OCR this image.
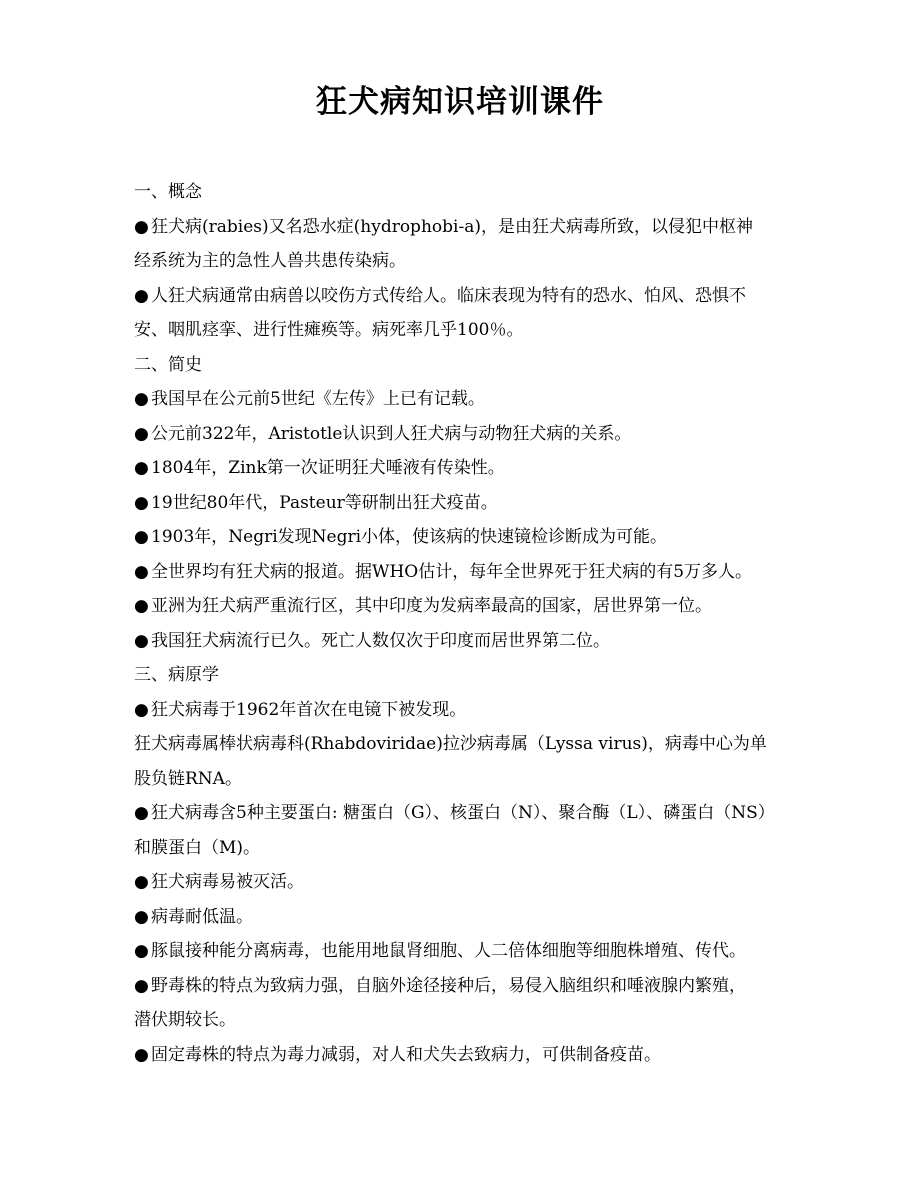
狂犬病知识培训课件

一、概念

● 狂犬病(rabies)又名恐水症(hydrophobi-a)，是由狂犬病毒所致，以侵犯中枢神

经系统为主的急性人兽共患传染病。

● 人狂犬病通常由病兽以咬伤方式传给人。临床表现为特有的恐水、怕风、恐惧不

安、咽肌痉挛、进行性瘫痪等。病死率几乎100％。

二、简史

● 我国早在公元前5世纪《左传》上已有记载。

● 公元前322年，Aristotle认识到人狂犬病与动物狂犬病的关系。

● 1804年，Zink第一次证明狂犬唾液有传染性。

● 19世纪80年代，Pasteur等研制出狂犬疫苗。

● 1903年，Negri发现Negri小体，使该病的快速镜检诊断成为可能。

● 全世界均有狂犬病的报道。据WHO估计，每年全世界死于狂犬病的有5万多人。

● 亚洲为狂犬病严重流行区，其中印度为发病率最高的国家，居世界第一位。

● 我国狂犬病流行已久。死亡人数仅次于印度而居世界第二位。

三、病原学

● 狂犬病毒于1962年首次在电镜下被发现。

狂犬病毒属棒状病毒科(Rhabdoviridae)拉沙病毒属（Lyssa virus)，病毒中心为单

股负链RNA。

● 狂犬病毒含5种主要蛋白: 糖蛋白（G）、核蛋白（N）、聚合酶（L）、磷蛋白（NS）

和膜蛋白（M)。

● 狂犬病毒易被灭活。

● 病毒耐低温。

● 豚鼠接种能分离病毒，也能用地鼠肾细胞、人二倍体细胞等细胞株增殖、传代。

● 野毒株的特点为致病力强，自脑外途径接种后，易侵入脑组织和唾液腺内繁殖，

潜伏期较长。

● 固定毒株的特点为毒力减弱，对人和犬失去致病力，可供制备疫苗。
